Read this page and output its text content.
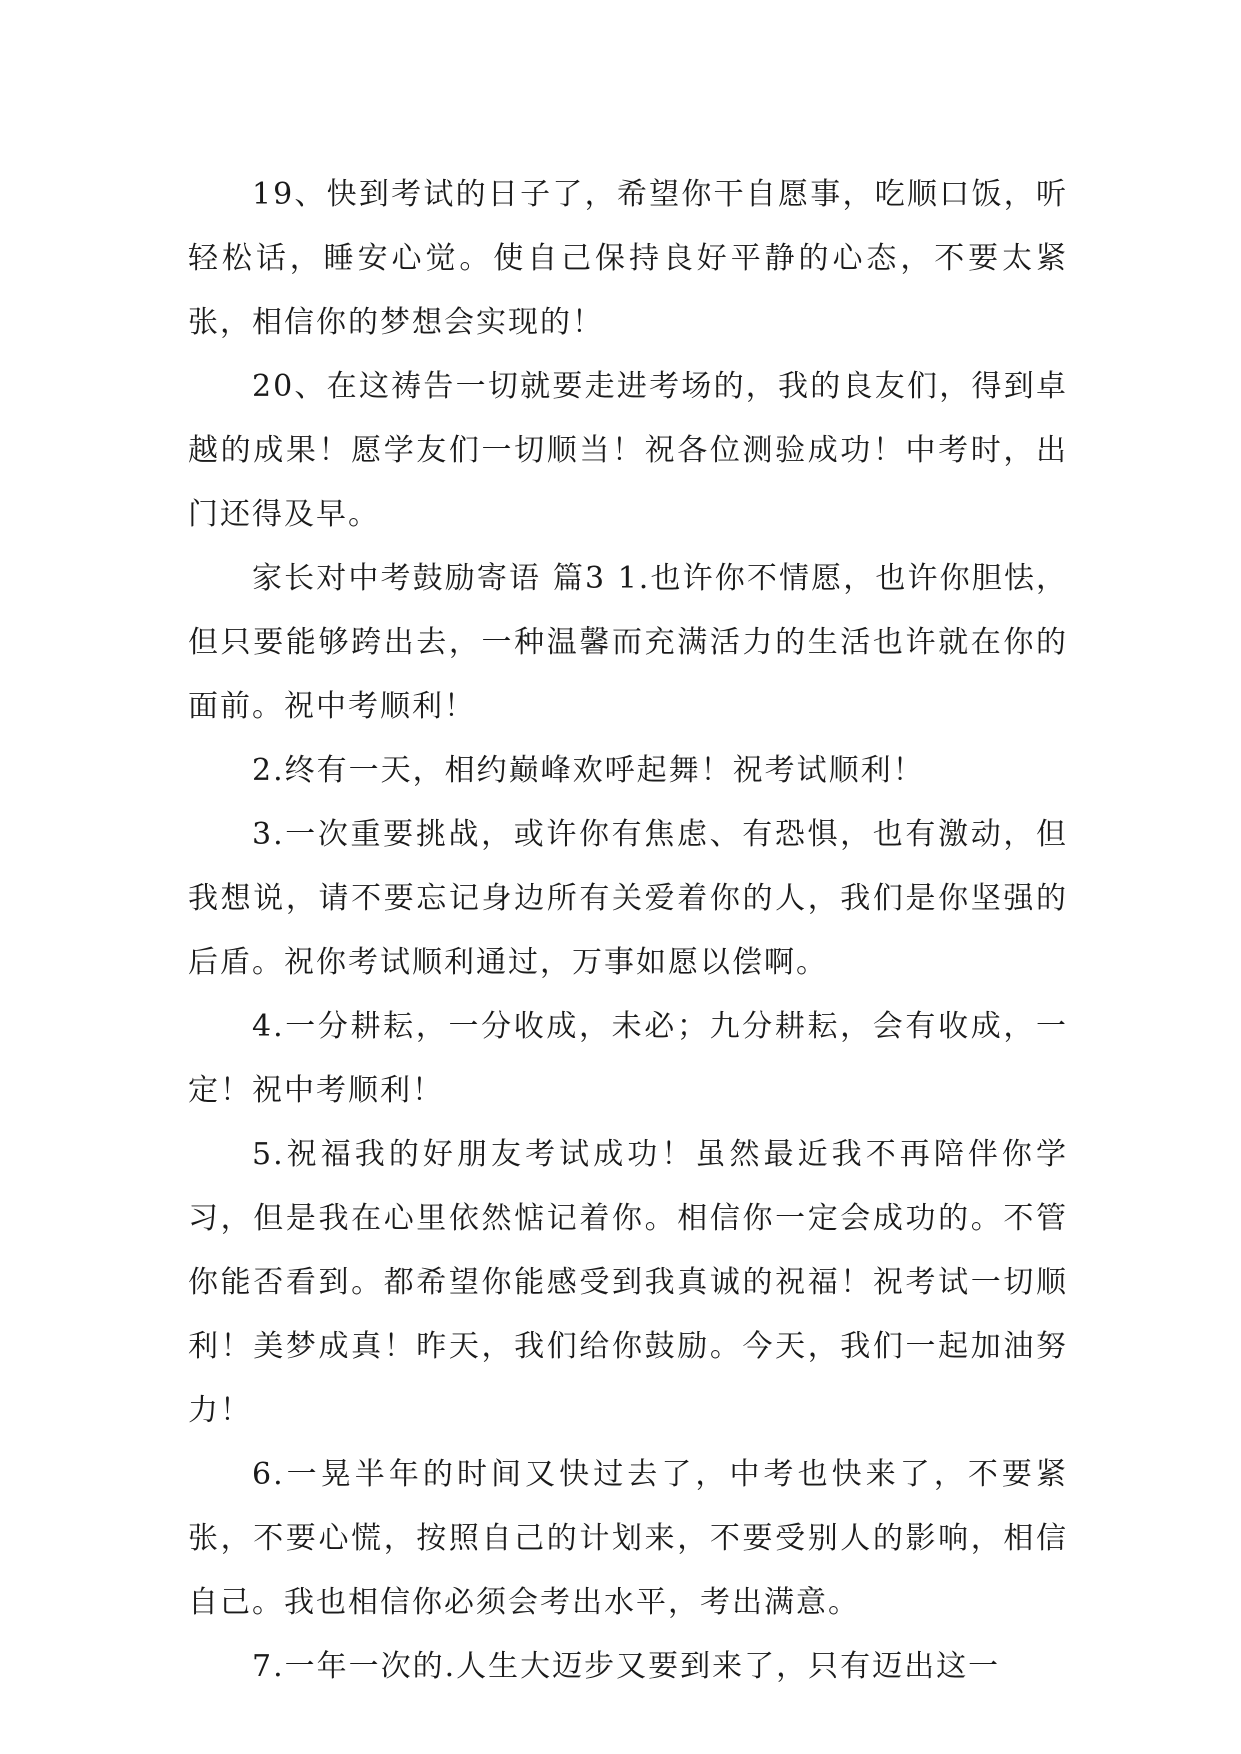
19、快到考试的日子了，希望你干自愿事，吃顺口饭，听轻松话，睡安心觉。使自己保持良好平静的心态，不要太紧张，相信你的梦想会实现的！

20、在这祷告一切就要走进考场的，我的良友们，得到卓越的成果！愿学友们一切顺当！祝各位测验成功！中考时，出门还得及早。

家长对中考鼓励寄语 篇3 1.也许你不情愿，也许你胆怯，但只要能够跨出去，一种温馨而充满活力的生活也许就在你的面前。祝中考顺利！

2.终有一天，相约巅峰欢呼起舞！祝考试顺利！

3.一次重要挑战，或许你有焦虑、有恐惧，也有激动，但我想说，请不要忘记身边所有关爱着你的人，我们是你坚强的后盾。祝你考试顺利通过，万事如愿以偿啊。

4.一分耕耘，一分收成，未必；九分耕耘，会有收成，一定！祝中考顺利！

5.祝福我的好朋友考试成功！虽然最近我不再陪伴你学习，但是我在心里依然惦记着你。相信你一定会成功的。不管你能否看到。都希望你能感受到我真诚的祝福！祝考试一切顺利！美梦成真！昨天，我们给你鼓励。今天，我们一起加油努力！

6.一晃半年的时间又快过去了，中考也快来了，不要紧张，不要心慌，按照自己的计划来，不要受别人的影响，相信自己。我也相信你必须会考出水平，考出满意。

7.一年一次的.人生大迈步又要到来了，只有迈出这一
